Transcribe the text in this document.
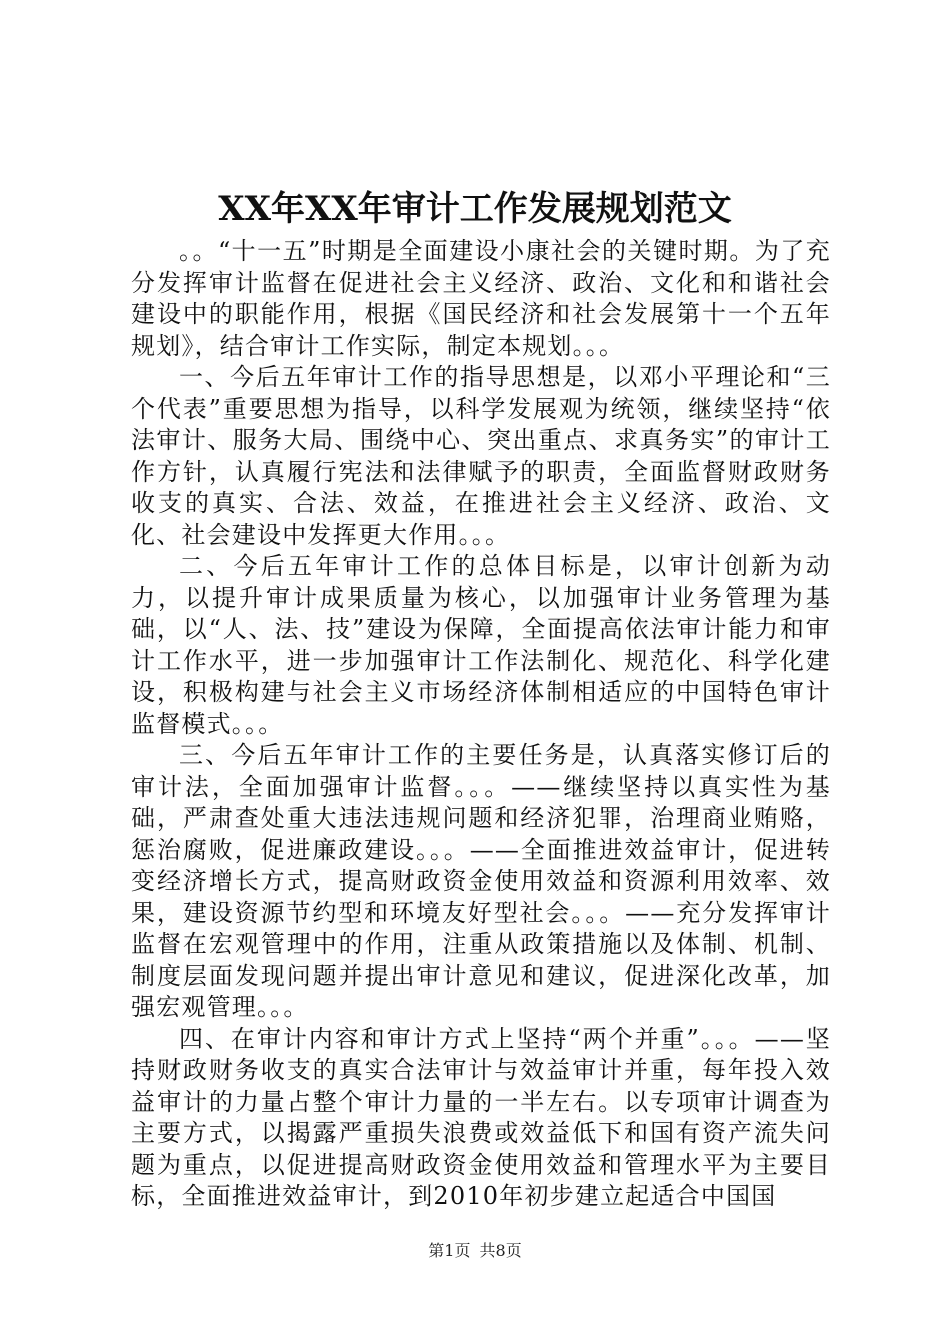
XX年XX年审计工作发展规划范文

。。“十一五”时期是全面建设小康社会的关键时期。为了充分发挥审计监督在促进社会主义经济、政治、文化和和谐社会建设中的职能作用，根据《国民经济和社会发展第十一个五年规划》，结合审计工作实际，制定本规划。。。

一、今后五年审计工作的指导思想是，以邓小平理论和“三个代表”重要思想为指导，以科学发展观为统领，继续坚持“依法审计、服务大局、围绕中心、突出重点、求真务实”的审计工作方针，认真履行宪法和法律赋予的职责，全面监督财政财务收支的真实、合法、效益，在推进社会主义经济、政治、文化、社会建设中发挥更大作用。。。

二、今后五年审计工作的总体目标是，以审计创新为动力，以提升审计成果质量为核心，以加强审计业务管理为基础，以“人、法、技”建设为保障，全面提高依法审计能力和审计工作水平，进一步加强审计工作法制化、规范化、科学化建设，积极构建与社会主义市场经济体制相适应的中国特色审计监督模式。。。

三、今后五年审计工作的主要任务是，认真落实修订后的审计法，全面加强审计监督。。。——继续坚持以真实性为基础，严肃查处重大违法违规问题和经济犯罪，治理商业贿赂，惩治腐败，促进廉政建设。。。——全面推进效益审计，促进转变经济增长方式，提高财政资金使用效益和资源利用效率、效果，建设资源节约型和环境友好型社会。。。——充分发挥审计监督在宏观管理中的作用，注重从政策措施以及体制、机制、制度层面发现问题并提出审计意见和建议，促进深化改革，加强宏观管理。。。

四、在审计内容和审计方式上坚持“两个并重”。。。——坚持财政财务收支的真实合法审计与效益审计并重，每年投入效益审计的力量占整个审计力量的一半左右。以专项审计调查为主要方式，以揭露严重损失浪费或效益低下和国有资产流失问题为重点，以促进提高财政资金使用效益和管理水平为主要目标，全面推进效益审计，到2010年初步建立起适合中国国

第1页 共8页
